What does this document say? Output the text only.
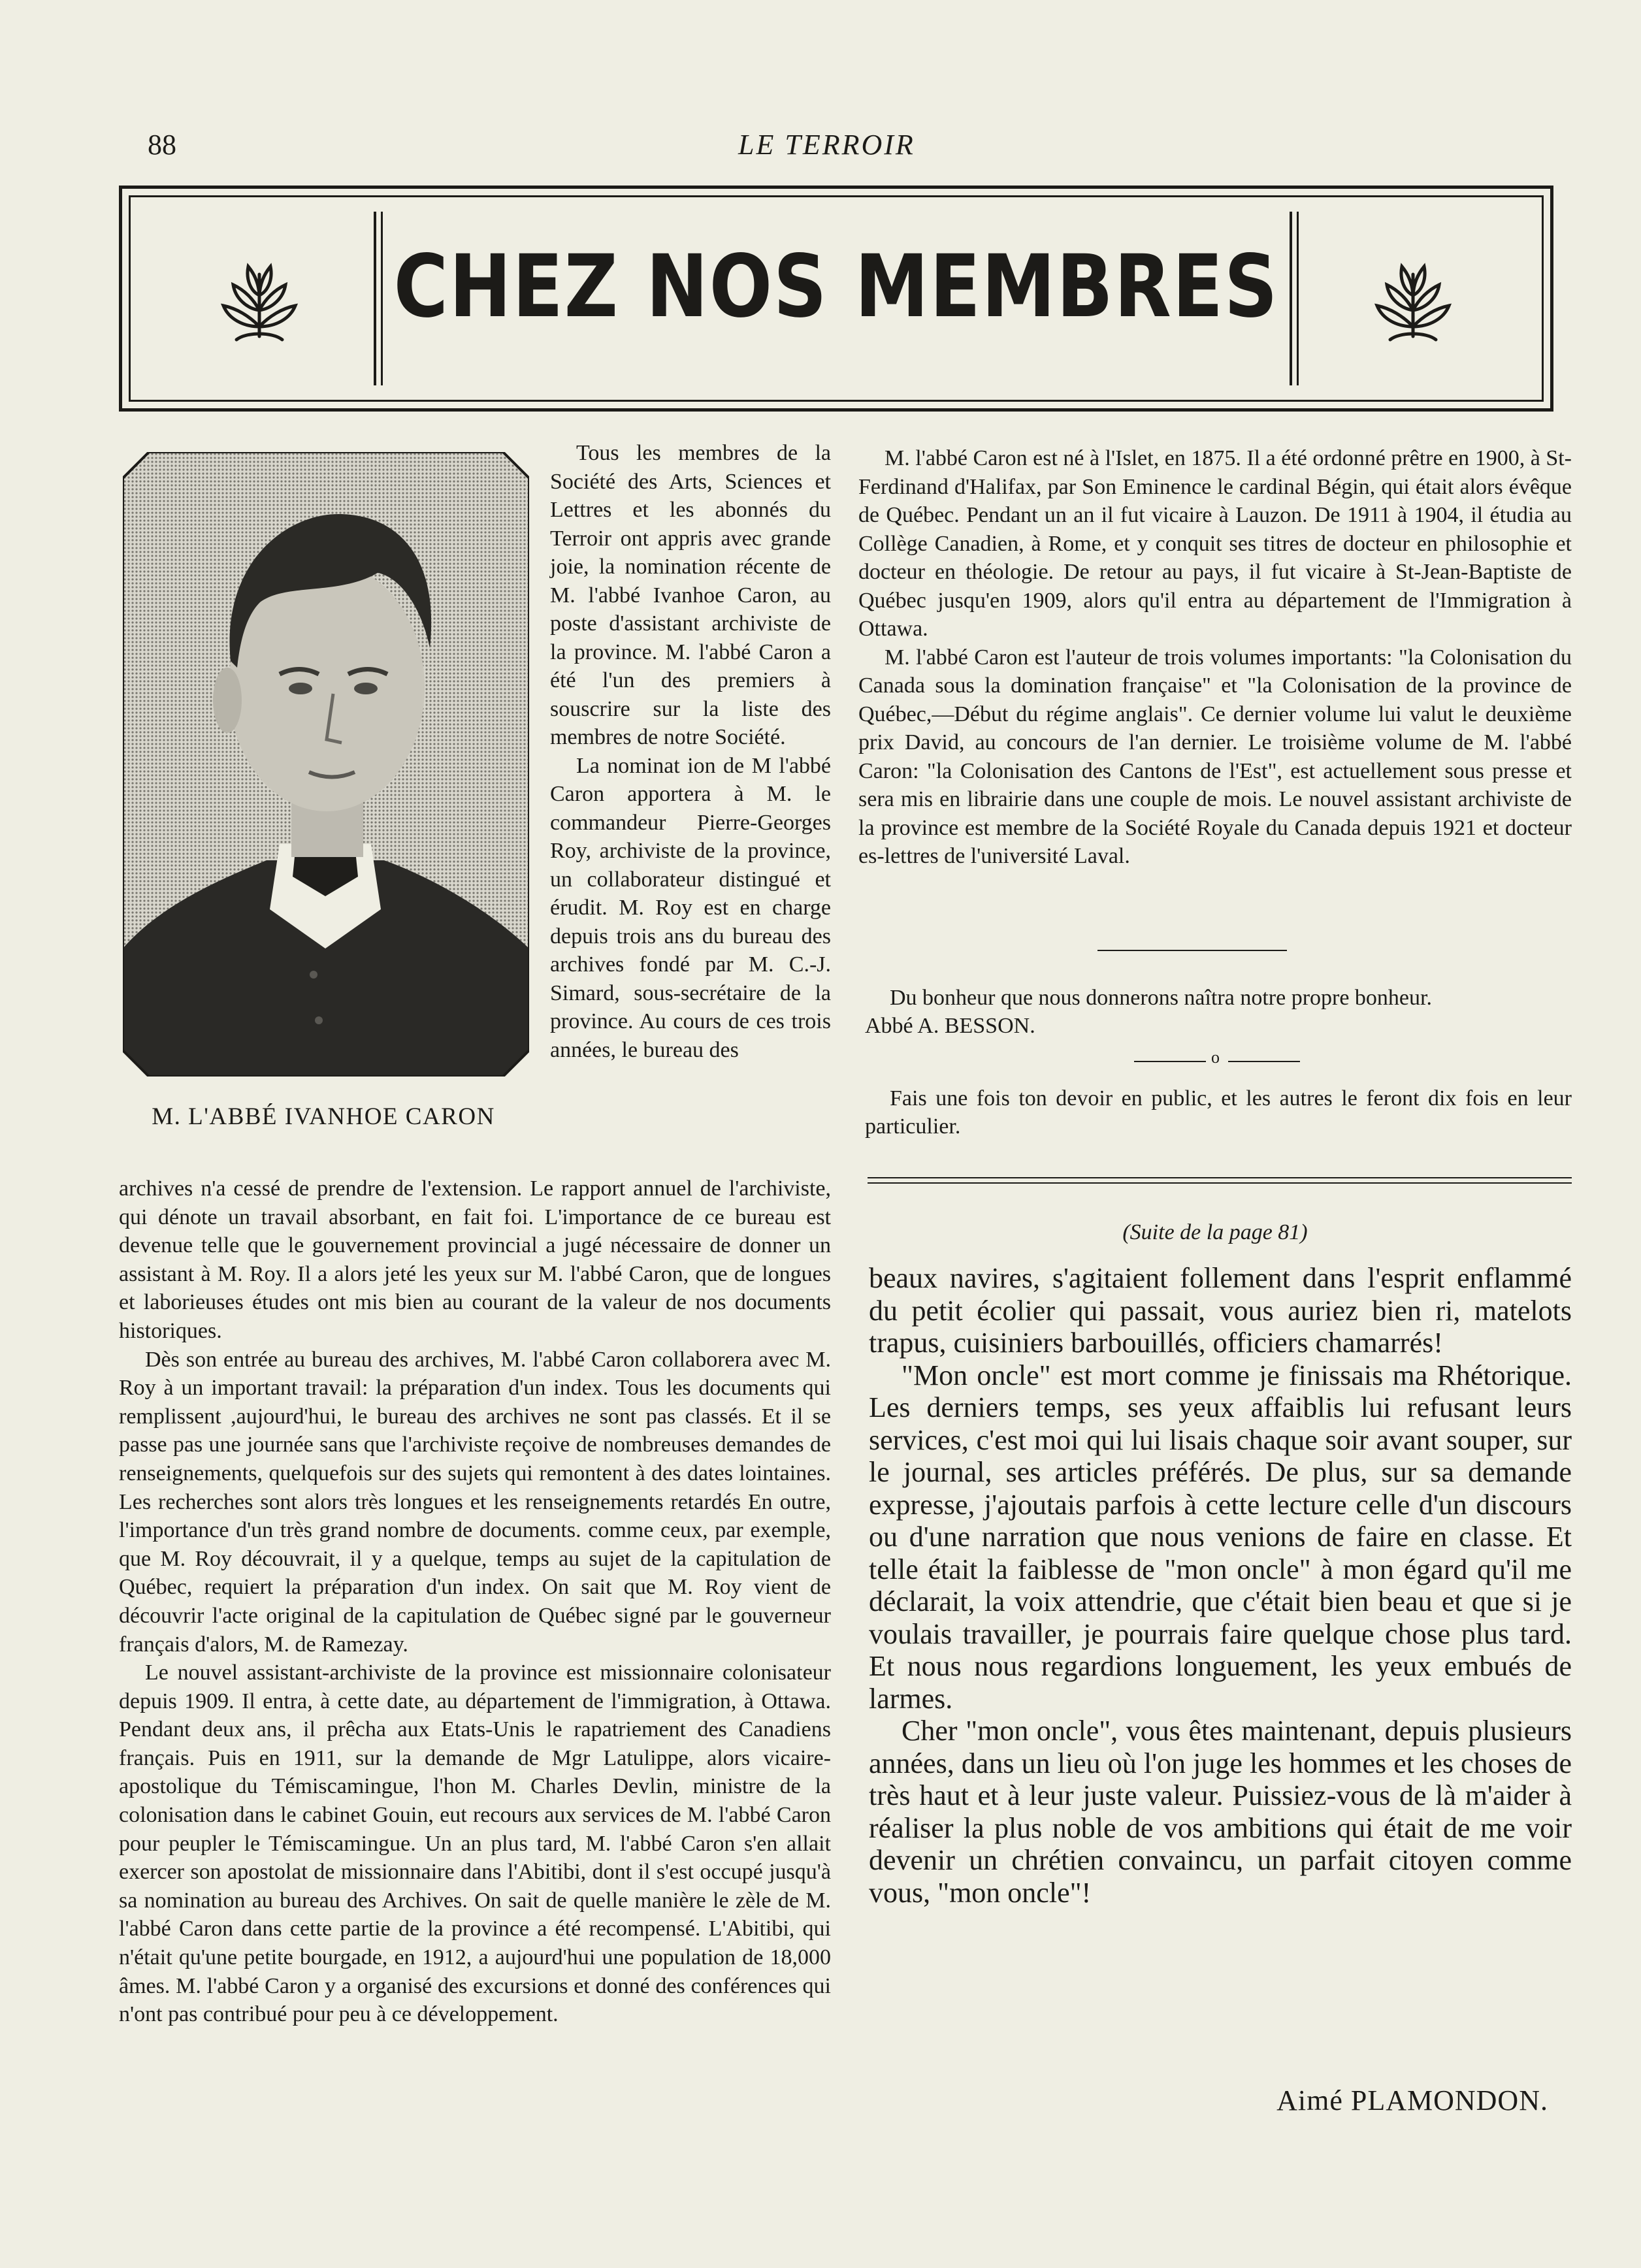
88	LE TERROIR
CHEZ NOS MEMBRES
M. L'ABBÉ IVANHOE CARON

Tous les membres de la Société des Arts, Sciences et Lettres et les abonnés du Terroir ont appris avec grande joie, la nomination récente de M. l'abbé Ivanhoe Caron, au poste d'assistant archiviste de la province. M. l'abbé Caron a été l'un des premiers à souscrire sur la liste des membres de notre Société.

La nominat ion de M l'abbé Caron apportera à M. le commandeur Pierre-Georges Roy, archiviste de la province, un collaborateur distingué et érudit. M. Roy est en charge depuis trois ans du bureau des archives fondé par M. C.-J. Simard, sous-secrétaire de la province. Au cours de ces trois années, le bureau des

archives n'a cessé de prendre de l'extension. Le rapport annuel de l'archiviste, qui dénote un travail absorbant, en fait foi. L'importance de ce bureau est devenue telle que le gouvernement provincial a jugé nécessaire de donner un assistant à M. Roy. Il a alors jeté les yeux sur M. l'abbé Caron, que de longues et laborieuses études ont mis bien au courant de la valeur de nos documents historiques.

Dès son entrée au bureau des archives, M. l'abbé Caron collaborera avec M. Roy à un important travail: la préparation d'un index. Tous les documents qui remplissent ,aujourd'hui, le bureau des archives ne sont pas classés. Et il se passe pas une journée sans que l'archiviste reçoive de nombreuses demandes de renseignements, quelquefois sur des sujets qui remontent à des dates lointaines. Les recherches sont alors très longues et les renseignements retardés En outre, l'importance d'un très grand nombre de documents. comme ceux, par exemple, que M. Roy découvrait, il y a quelque, temps au sujet de la capitulation de Québec, requiert la préparation d'un index. On sait que M. Roy vient de découvrir l'acte original de la capitulation de Québec signé par le gouverneur français d'alors, M. de Ramezay.

Le nouvel assistant-archiviste de la province est missionnaire colonisateur depuis 1909. Il entra, à cette date, au département de l'immigration, à Ottawa. Pendant deux ans, il prêcha aux Etats-Unis le rapatriement des Canadiens français. Puis en 1911, sur la demande de Mgr Latulippe, alors vicaire-apostolique du Témiscamingue, l'hon M. Charles Devlin, ministre de la colonisation dans le cabinet Gouin, eut recours aux services de M. l'abbé Caron pour peupler le Témiscamingue. Un an plus tard, M. l'abbé Caron s'en allait exercer son apostolat de missionnaire dans l'Abitibi, dont il s'est occupé jusqu'à sa nomination au bureau des Archives. On sait de quelle manière le zèle de M. l'abbé Caron dans cette partie de la province a été recompensé. L'Abitibi, qui n'était qu'une petite bourgade, en 1912, a aujourd'hui une population de 18,000 âmes. M. l'abbé Caron y a organisé des excursions et donné des conférences qui n'ont pas contribué pour peu à ce développement.

M. l'abbé Caron est né à l'Islet, en 1875. Il a été ordonné prêtre en 1900, à St-Ferdinand d'Halifax, par Son Eminence le cardinal Bégin, qui était alors évêque de Québec. Pendant un an il fut vicaire à Lauzon. De 1911 à 1904, il étudia au Collège Canadien, à Rome, et y conquit ses titres de docteur en philosophie et docteur en théologie. De retour au pays, il fut vicaire à St-Jean-Baptiste de Québec jusqu'en 1909, alors qu'il entra au département de l'Immigration à Ottawa.

M. l'abbé Caron est l'auteur de trois volumes importants: "la Colonisation du Canada sous la domination française" et "la Colonisation de la province de Québec,—Début du régime anglais". Ce dernier volume lui valut le deuxième prix David, au concours de l'an dernier. Le troisième volume de M. l'abbé Caron: "la Colonisation des Cantons de l'Est", est actuellement sous presse et sera mis en librairie dans une couple de mois. Le nouvel assistant archiviste de la province est membre de la Société Royale du Canada depuis 1921 et docteur es-lettres de l'université Laval.

Du bonheur que nous donnerons naîtra notre propre bonheur.

Abbé A. BESSON.

o

Fais une fois ton devoir en public, et les autres le feront dix fois en leur particulier.

(Suite de la page 81)

beaux navires, s'agitaient follement dans l'esprit enflammé du petit écolier qui passait, vous auriez bien ri, matelots trapus, cuisiniers barbouillés, officiers chamarrés!

"Mon oncle" est mort comme je finissais ma Rhétorique. Les derniers temps, ses yeux affaiblis lui refusant leurs services, c'est moi qui lui lisais chaque soir avant souper, sur le journal, ses articles préférés. De plus, sur sa demande expresse, j'ajoutais parfois à cette lecture celle d'un discours ou d'une narration que nous venions de faire en classe. Et telle était la faiblesse de "mon oncle" à mon égard qu'il me déclarait, la voix attendrie, que c'était bien beau et que si je voulais travailler, je pourrais faire quelque chose plus tard. Et nous nous regardions longuement, les yeux embués de larmes.

Cher "mon oncle", vous êtes maintenant, depuis plusieurs années, dans un lieu où l'on juge les hommes et les choses de très haut et à leur juste valeur. Puissiez-vous de là m'aider à réaliser la plus noble de vos ambitions qui était de me voir devenir un chrétien convaincu, un parfait citoyen comme vous, "mon oncle"!

Aimé PLAMONDON.
